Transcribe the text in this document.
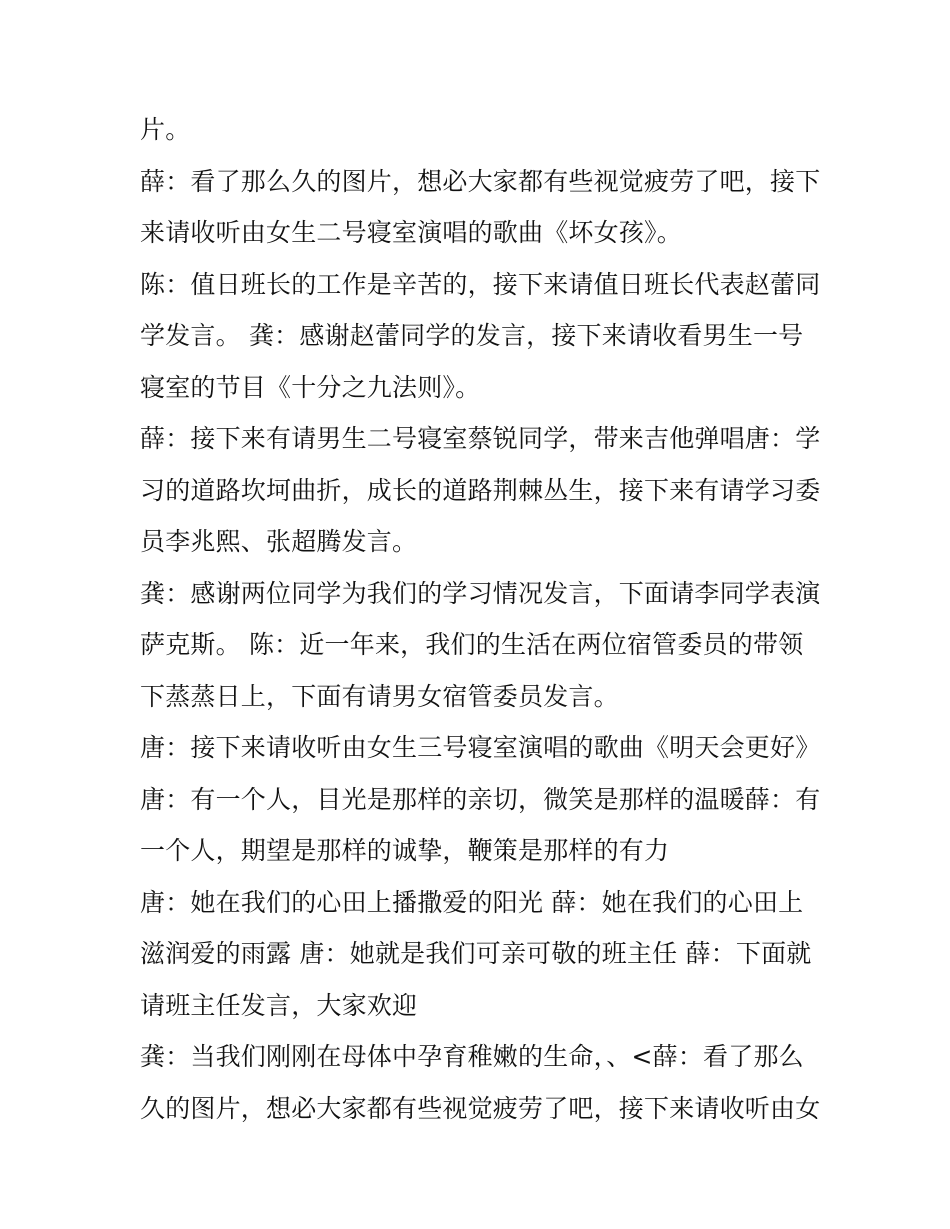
片。
薛：看了那么久的图片，想必大家都有些视觉疲劳了吧，接下
来请收听由女生二号寝室演唱的歌曲《坏女孩》。
陈：值日班长的工作是辛苦的，接下来请值日班长代表赵蕾同
学发言。 龚：感谢赵蕾同学的发言，接下来请收看男生一号
寝室的节目《十分之九法则》。
薛：接下来有请男生二号寝室蔡锐同学，带来吉他弹唱唐：学
习的道路坎坷曲折，成长的道路荆棘丛生，接下来有请学习委
员李兆熙、张超腾发言。
龚：感谢两位同学为我们的学习情况发言，下面请李同学表演
萨克斯。 陈：近一年来，我们的生活在两位宿管委员的带领
下蒸蒸日上，下面有请男女宿管委员发言。
唐：接下来请收听由女生三号寝室演唱的歌曲《明天会更好》
唐：有一个人，目光是那样的亲切，微笑是那样的温暖薛：有
一个人，期望是那样的诚挚，鞭策是那样的有力
唐：她在我们的心田上播撒爱的阳光 薛：她在我们的心田上
滋润爱的雨露 唐：她就是我们可亲可敬的班主任 薛：下面就
请班主任发言，大家欢迎
龚：当我们刚刚在母体中孕育稚嫩的生命，、<薛：看了那么
久的图片，想必大家都有些视觉疲劳了吧，接下来请收听由女
